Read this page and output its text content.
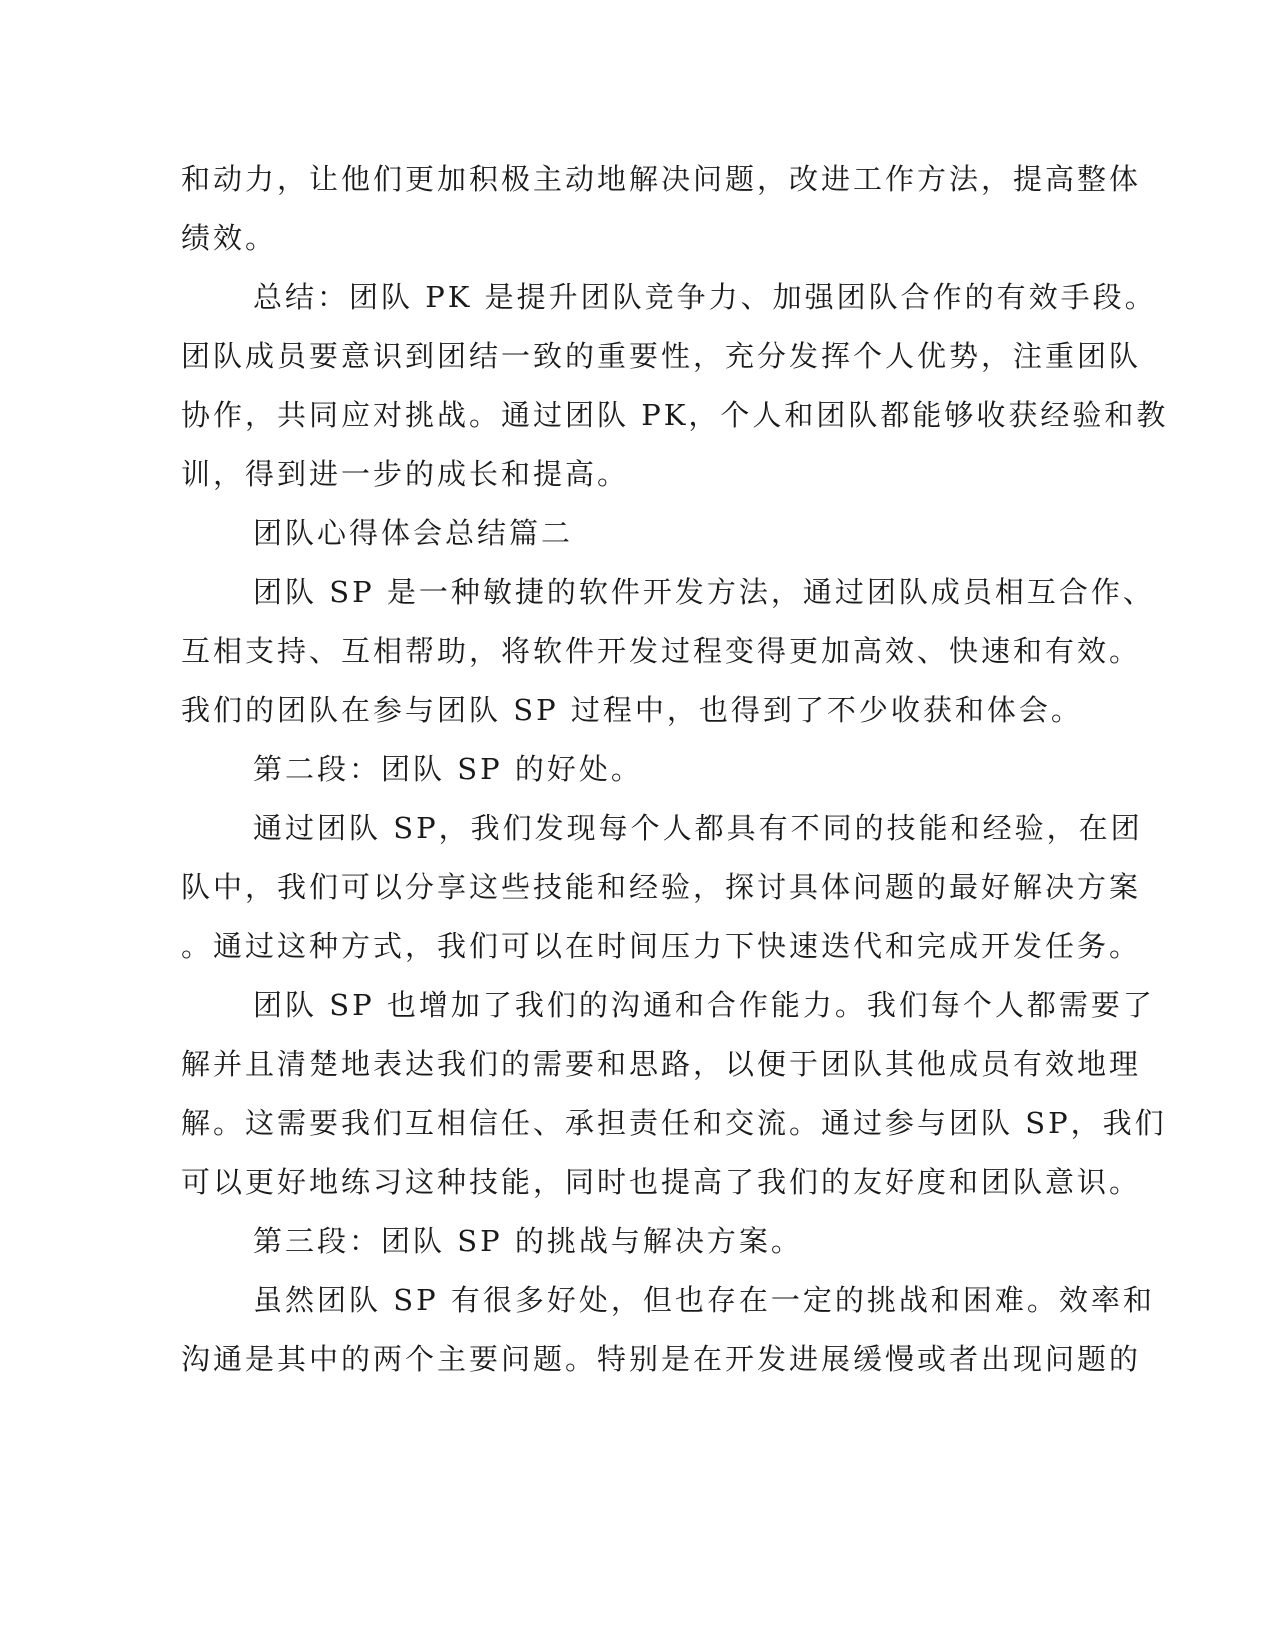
和动力，让他们更加积极主动地解决问题，改进工作方法，提高整体
绩效。
总结：团队 PK 是提升团队竞争力、加强团队合作的有效手段。
团队成员要意识到团结一致的重要性，充分发挥个人优势，注重团队
协作，共同应对挑战。通过团队 PK，个人和团队都能够收获经验和教
训，得到进一步的成长和提高。
团队心得体会总结篇二
团队 SP 是一种敏捷的软件开发方法，通过团队成员相互合作、
互相支持、互相帮助，将软件开发过程变得更加高效、快速和有效。
我们的团队在参与团队 SP 过程中，也得到了不少收获和体会。
第二段：团队 SP 的好处。
通过团队 SP，我们发现每个人都具有不同的技能和经验，在团
队中，我们可以分享这些技能和经验，探讨具体问题的最好解决方案
。通过这种方式，我们可以在时间压力下快速迭代和完成开发任务。
团队 SP 也增加了我们的沟通和合作能力。我们每个人都需要了
解并且清楚地表达我们的需要和思路，以便于团队其他成员有效地理
解。这需要我们互相信任、承担责任和交流。通过参与团队 SP，我们
可以更好地练习这种技能，同时也提高了我们的友好度和团队意识。
第三段：团队 SP 的挑战与解决方案。
虽然团队 SP 有很多好处，但也存在一定的挑战和困难。效率和
沟通是其中的两个主要问题。特别是在开发进展缓慢或者出现问题的
